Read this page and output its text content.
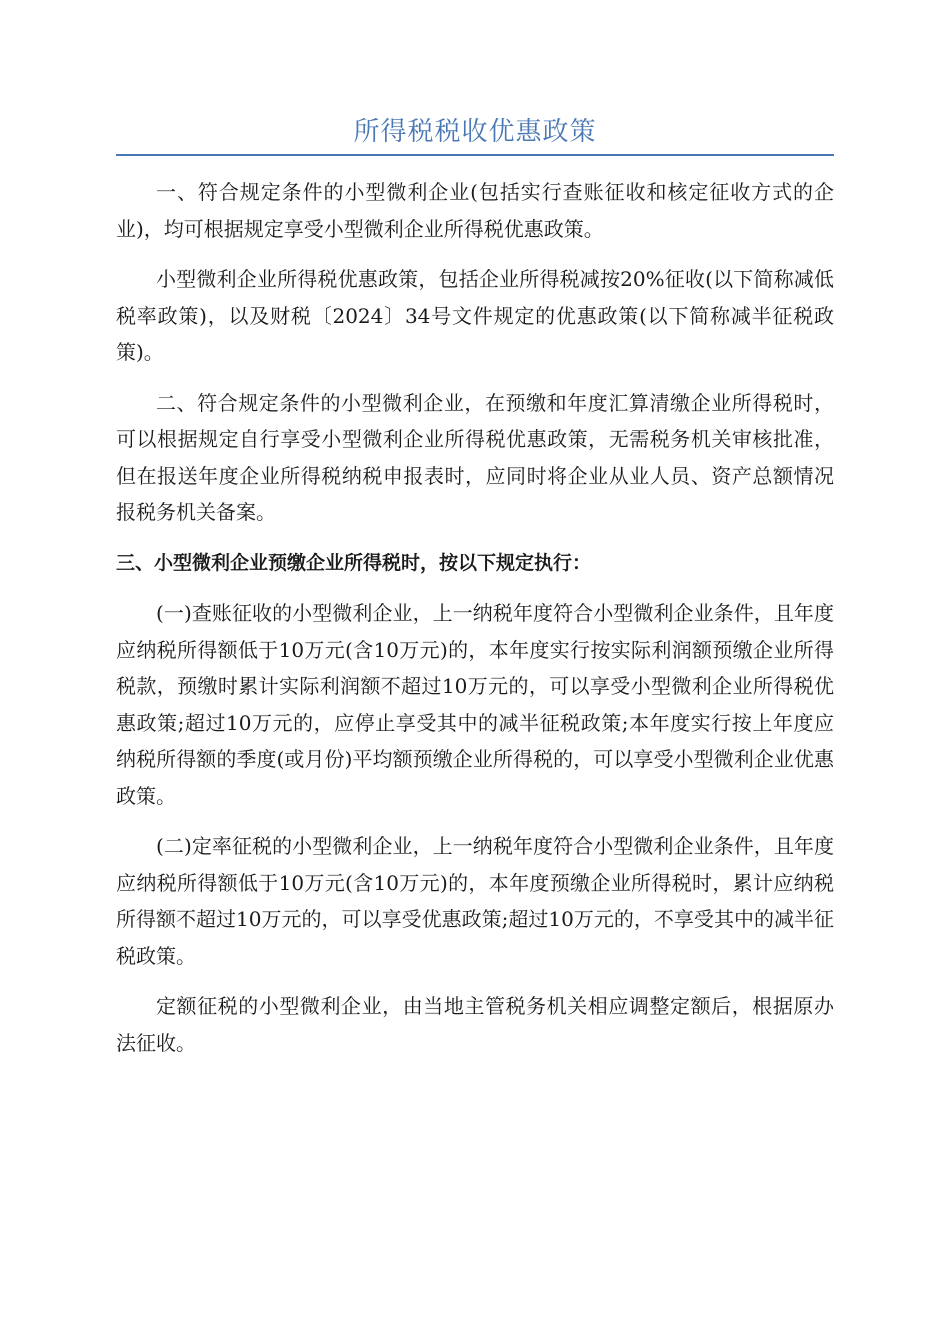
所得税税收优惠政策

一、符合规定条件的小型微利企业(包括实行查账征收和核定征收方式的企业)，均可根据规定享受小型微利企业所得税优惠政策。

小型微利企业所得税优惠政策，包括企业所得税减按20%征收(以下简称减低税率政策)，以及财税〔2024〕34号文件规定的优惠政策(以下简称减半征税政策)。

二、符合规定条件的小型微利企业，在预缴和年度汇算清缴企业所得税时，可以根据规定自行享受小型微利企业所得税优惠政策，无需税务机关审核批准，但在报送年度企业所得税纳税申报表时，应同时将企业从业人员、资产总额情况报税务机关备案。

三、小型微利企业预缴企业所得税时，按以下规定执行：

(一)查账征收的小型微利企业，上一纳税年度符合小型微利企业条件，且年度应纳税所得额低于10万元(含10万元)的，本年度实行按实际利润额预缴企业所得税款，预缴时累计实际利润额不超过10万元的，可以享受小型微利企业所得税优惠政策;超过10万元的，应停止享受其中的减半征税政策;本年度实行按上年度应纳税所得额的季度(或月份)平均额预缴企业所得税的，可以享受小型微利企业优惠政策。

(二)定率征税的小型微利企业，上一纳税年度符合小型微利企业条件，且年度应纳税所得额低于10万元(含10万元)的，本年度预缴企业所得税时，累计应纳税所得额不超过10万元的，可以享受优惠政策;超过10万元的，不享受其中的减半征税政策。

定额征税的小型微利企业，由当地主管税务机关相应调整定额后，根据原办法征收。
